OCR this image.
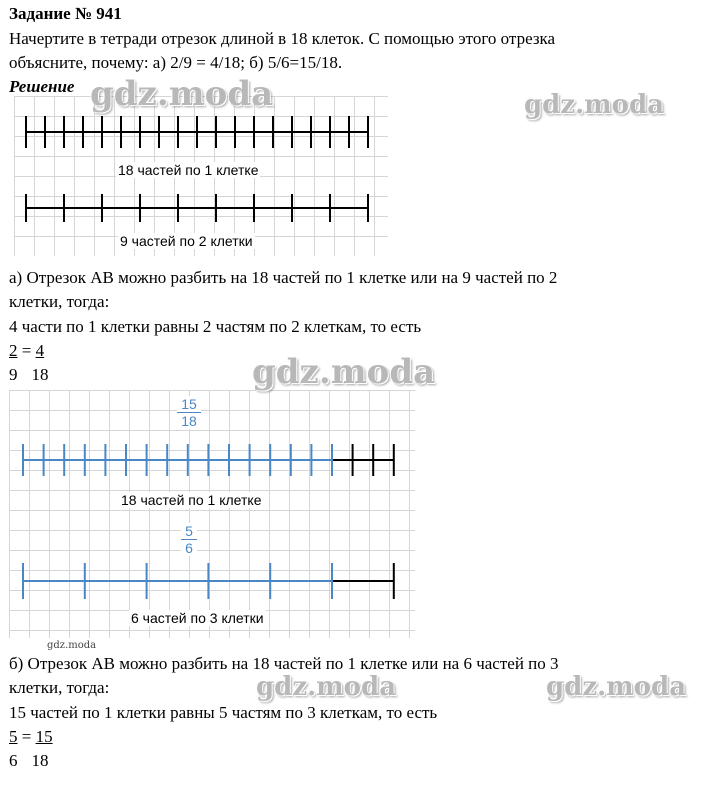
Задание № 941
Начертите в тетради отрезок длиной в 18 клеток. С помощью этого отрезка
объясните, почему: а) 2/9 = 4/18; б) 5/6=15/18.
Решение
18 частей по 1 клетке
9 частей по 2 клетки
а) Отрезок АВ можно разбить на 18 частей по 1 клетке или на 9 частей по 2
клетки, тогда:
4 части по 1 клетки равны 2 частям по 2 клеткам, то есть
2 = 4
9 18
$\frac{15}{18}$
18 частей по 1 клетке
$\frac{5}{6}$
6 частей по 3 клетки
gdz.moda
б) Отрезок АВ можно разбить на 18 частей по 1 клетке или на 6 частей по 3
клетки, тогда:
15 частей по 1 клетки равны 5 частям по 3 клеткам, то есть
5 = 15
6 18
gdz.moda	gdz.moda
gdz.moda
gdz.moda	gdz.moda
